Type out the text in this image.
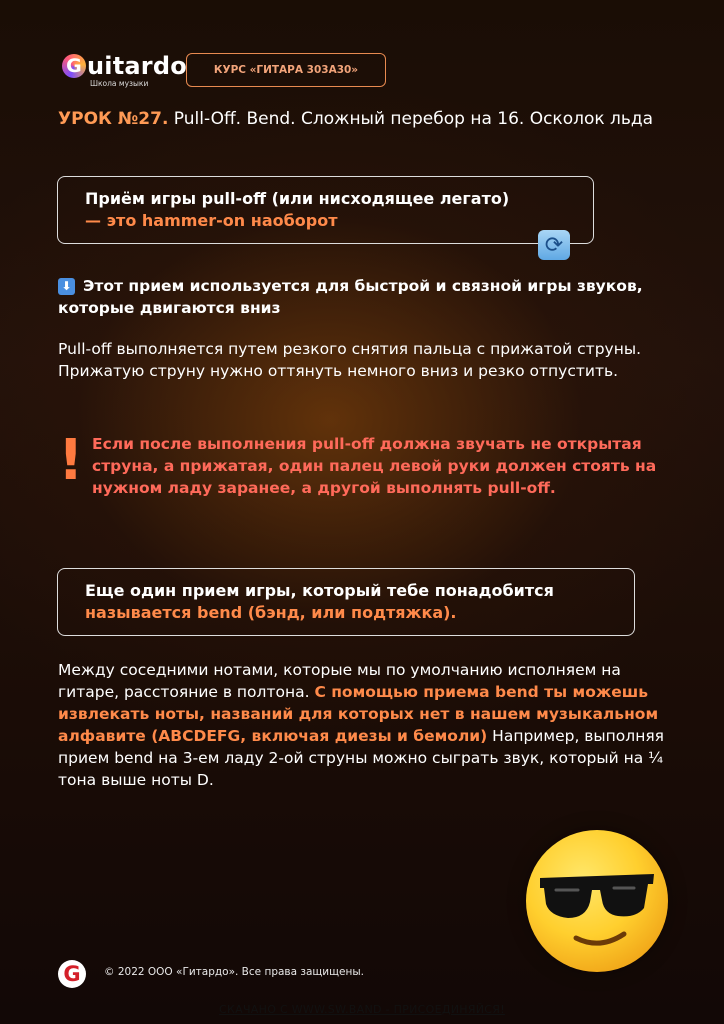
G uitardo
Школа музыки
КУРС «ГИТАРА 303А30»
УРОК №27. Pull-Off. Bend. Сложный перебор на 16. Осколок льда
Приём игры pull-off (или нисходящее легато)
— это hammer-on наоборот
⟳
⬇ Этот прием используется для быстрой и связной игры звуков, которые двигаются вниз
Pull-off выполняется путем резкого снятия пальца с прижатой струны. Прижатую струну нужно оттянуть немного вниз и резко отпустить.
! Если после выполнения pull-off должна звучать не открытая струна, а прижатая, один палец левой руки должен стоять на нужном ладу заранее, а другой выполнять pull-off.
Еще один прием игры, который тебе понадобится
называется bend (бэнд, или подтяжка).
Между соседними нотами, которые мы по умолчанию исполняем на гитаре, расстояние в полтона. С помощью приема bend ты можешь извлекать ноты, названий для которых нет в нашем музыкальном алфавите (ABCDEFG, включая диезы и бемоли) Например, выполняя прием bend на 3-ем ладу 2-ой струны можно сыграть звук, который на ¼ тона выше ноты D.
G	© 2022 ООО «Гитардо». Все права защищены.
СКАЧАНО С WWW.SW.BAND - ПРИСОЕДИНЯЙСЯ!
